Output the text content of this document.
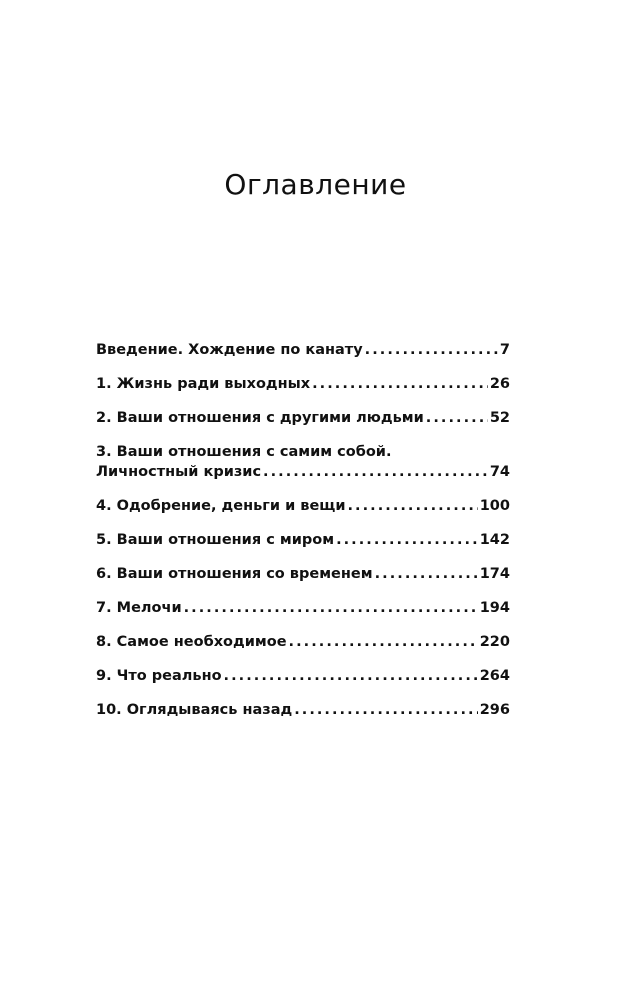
Оглавление
Введение. Хождение по канату . . .	7
1. Жизнь ради выходных . . .	26
2. Ваши отношения с другими людьми . . .	52
3. Ваши отношения с самим собой.
Личностный кризис . . .	74
4. Одобрение, деньги и вещи . . .	100
5. Ваши отношения с миром . . .	142
6. Ваши отношения со временем . . .	174
7. Мелочи . . .	194
8. Самое необходимое . . .	220
9. Что реально . . .	264
10. Оглядываясь назад . . .	296
